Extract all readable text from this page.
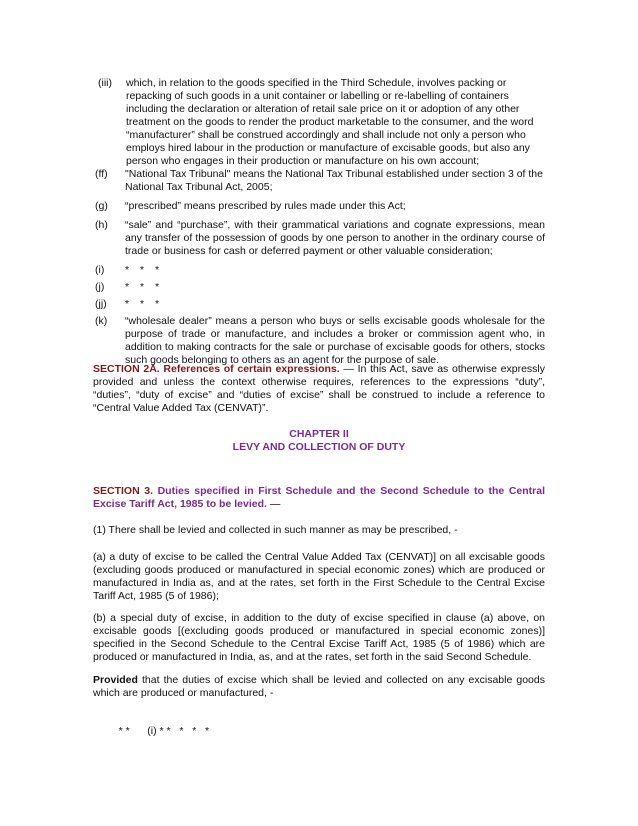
(iii)	which, in relation to the goods specified in the Third Schedule, involves packing or
repacking of such goods in a unit container or labelling or re-labelling of containers
including the declaration or alteration of retail sale price on it or adoption of any other
treatment on the goods to render the product marketable to the consumer, and the word
“manufacturer” shall be construed accordingly and shall include not only a person who
employs hired labour in the production or manufacture of excisable goods, but also any
person who engages in their production or manufacture on his own account;
(ff)	"National Tax Tribunal" means the National Tax Tribunal established under section 3 of the National Tax Tribunal Act, 2005;
(g)	“prescribed” means prescribed by rules made under this Act;
(h)	“sale” and “purchase”, with their grammatical variations and cognate expressions, mean any transfer of the possession of goods by one person to another in the ordinary course of trade or business for cash or deferred payment or other valuable consideration;
(i)	* * *
(j)	* * *
(jj)	* * *
(k)	“wholesale dealer” means a person who buys or sells excisable goods wholesale for the purpose of trade or manufacture, and includes a broker or commission agent who, in addition to making contracts for the sale or purchase of excisable goods for others, stocks such goods belonging to others as an agent for the purpose of sale.
SECTION 2A. References of certain expressions. — In this Act, save as otherwise expressly provided and unless the context otherwise requires, references to the expressions “duty”, “duties”, “duty of excise” and “duties of excise” shall be construed to include a reference to “Central Value Added Tax (CENVAT)”.
CHAPTER II
LEVY AND COLLECTION OF DUTY
SECTION 3. Duties specified in First Schedule and the Second Schedule to the Central Excise Tariff Act, 1985 to be levied. —
(1) There shall be levied and collected in such manner as may be prescribed, -
(a) a duty of excise to be called the Central Value Added Tax (CENVAT)] on all excisable goods (excluding goods produced or manufactured in special economic zones) which are produced or manufactured in India as, and at the rates, set forth in the First Schedule to the Central Excise Tariff Act, 1985 (5 of 1986);
(b) a special duty of excise, in addition to the duty of excise specified in clause (a) above, on excisable goods [(excluding goods produced or manufactured in special economic zones)] specified in the Second Schedule to the Central Excise Tariff Act, 1985 (5 of 1986) which are produced or manufactured in India, as, and at the rates, set forth in the said Second Schedule.
Provided that the duties of excise which shall be levied and collected on any excisable goods which are produced or manufactured, -

* * (i) * *   *   *   *
